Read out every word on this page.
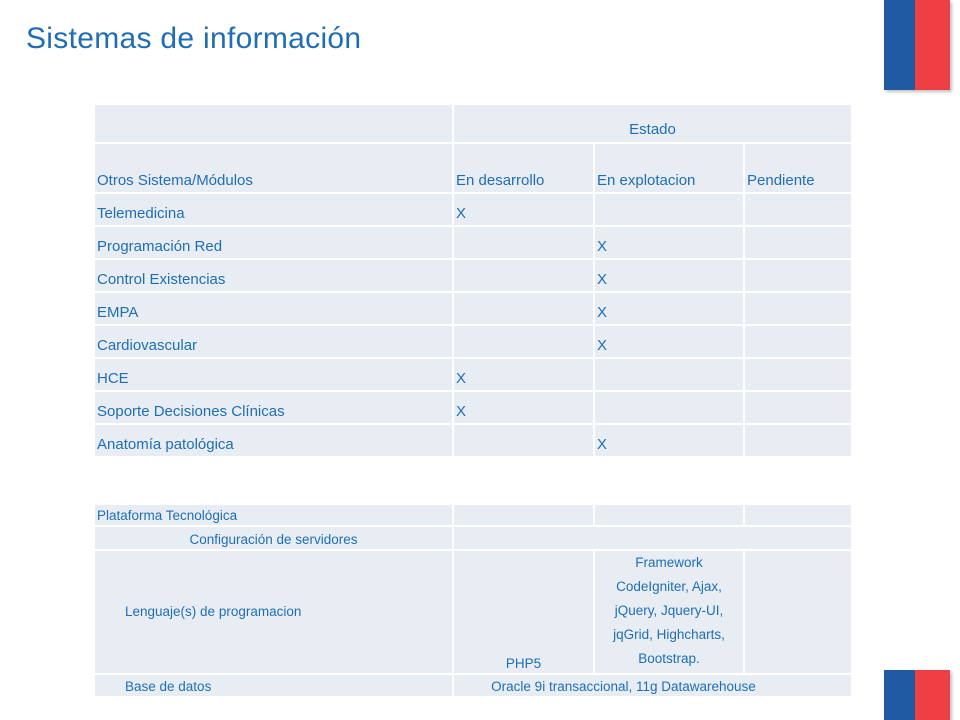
Sistemas de información
	Estado		
Otros Sistema/Módulos	En desarrollo	En explotacion	Pendiente
Telemedicina	X		
Programación Red		X	
Control Existencias		X	
EMPA		X	
Cardiovascular		X	
HCE	X		
Soporte Decisiones Clínicas	X		
Anatomía patológica		X	
Plataforma Tecnológica			
Configuración de servidores			
Lenguaje(s) de programacion	PHP5	Framework CodeIgniter, Ajax, jQuery, Jquery-UI, jqGrid, Highcharts, Bootstrap.	
Base de datos	Oracle 9i transaccional, 11g Datawarehouse		
